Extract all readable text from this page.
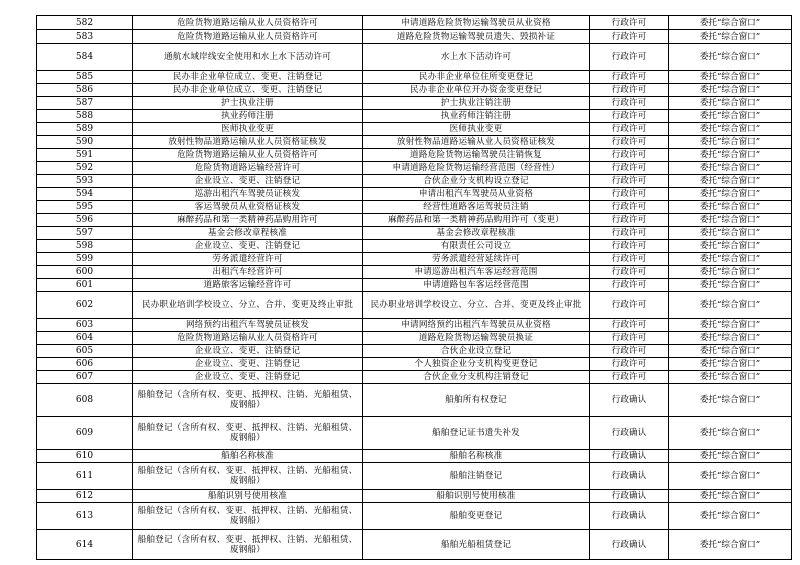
582	危险货物道路运输从业人员资格许可	申请道路危险货物运输驾驶员从业资格	行政许可	委托“综合窗口”
583	危险货物道路运输从业人员资格许可	道路危险货物运输驾驶员遗失、毁损补证	行政许可	委托“综合窗口”
584	通航水域岸线安全使用和水上水下活动许可	水上水下活动许可	行政许可	委托“综合窗口”
585	民办非企业单位成立、变更、注销登记	民办非企业单位住所变更登记	行政许可	委托“综合窗口”
586	民办非企业单位成立、变更、注销登记	民办非企业单位开办资金变更登记	行政许可	委托“综合窗口”
587	护士执业注册	护士执业注销注册	行政许可	委托“综合窗口”
588	执业药师注册	执业药师注销注册	行政许可	委托“综合窗口”
589	医师执业变更	医师执业变更	行政许可	委托“综合窗口”
590	放射性物品道路运输从业人员资格证核发	放射性物品道路运输从业人员资格证核发	行政许可	委托“综合窗口”
591	危险货物道路运输从业人员资格许可	道路危险货物运输驾驶员注销恢复	行政许可	委托“综合窗口”
592	危险货物道路运输经营许可	申请道路危险货物运输经营范围（经营性）	行政许可	委托“综合窗口”
593	企业设立、变更、注销登记	合伙企业分支机构设立登记	行政许可	委托“综合窗口”
594	巡游出租汽车驾驶员证核发	申请出租汽车驾驶员从业资格	行政许可	委托“综合窗口”
595	客运驾驶员从业资格证核发	经营性道路客运驾驶员注销	行政许可	委托“综合窗口”
596	麻醉药品和第一类精神药品购用许可	麻醉药品和第一类精神药品购用许可（变更）	行政许可	委托“综合窗口”
597	基金会修改章程核准	基金会修改章程核准	行政许可	委托“综合窗口”
598	企业设立、变更、注销登记	有限责任公司设立	行政许可	委托“综合窗口”
599	劳务派遣经营许可	劳务派遣经营延续许可	行政许可	委托“综合窗口”
600	出租汽车经营许可	申请巡游出租汽车客运经营范围	行政许可	委托“综合窗口”
601	道路旅客运输经营许可	申请道路包车客运经营范围	行政许可	委托“综合窗口”
602	民办职业培训学校设立、分立、合并、变更及终止审批	民办职业培训学校设立、分立、合并、变更及终止审批	行政许可	委托“综合窗口”
603	网络预约出租汽车驾驶员证核发	申请网络预约出租汽车驾驶员从业资格	行政许可	委托“综合窗口”
604	危险货物道路运输从业人员资格许可	道路危险货物运输驾驶员换证	行政许可	委托“综合窗口”
605	企业设立、变更、注销登记	合伙企业设立登记	行政许可	委托“综合窗口”
606	企业设立、变更、注销登记	个人独资企业分支机构变更登记	行政许可	委托“综合窗口”
607	企业设立、变更、注销登记	合伙企业分支机构注销登记	行政许可	委托“综合窗口”
608	船舶登记（含所有权、变更、抵押权、注销、光船租赁、废钢船）	船舶所有权登记	行政确认	委托“综合窗口”
609	船舶登记（含所有权、变更、抵押权、注销、光船租赁、废钢船）	船舶登记证书遗失补发	行政确认	委托“综合窗口”
610	船舶名称核准	船舶名称核准	行政确认	委托“综合窗口”
611	船舶登记（含所有权、变更、抵押权、注销、光船租赁、废钢船）	船舶注销登记	行政确认	委托“综合窗口”
612	船舶识别号使用核准	船舶识别号使用核准	行政确认	委托“综合窗口”
613	船舶登记（含所有权、变更、抵押权、注销、光船租赁、废钢船）	船舶变更登记	行政确认	委托“综合窗口”
614	船舶登记（含所有权、变更、抵押权、注销、光船租赁、废钢船）	船舶光船租赁登记	行政确认	委托“综合窗口”
